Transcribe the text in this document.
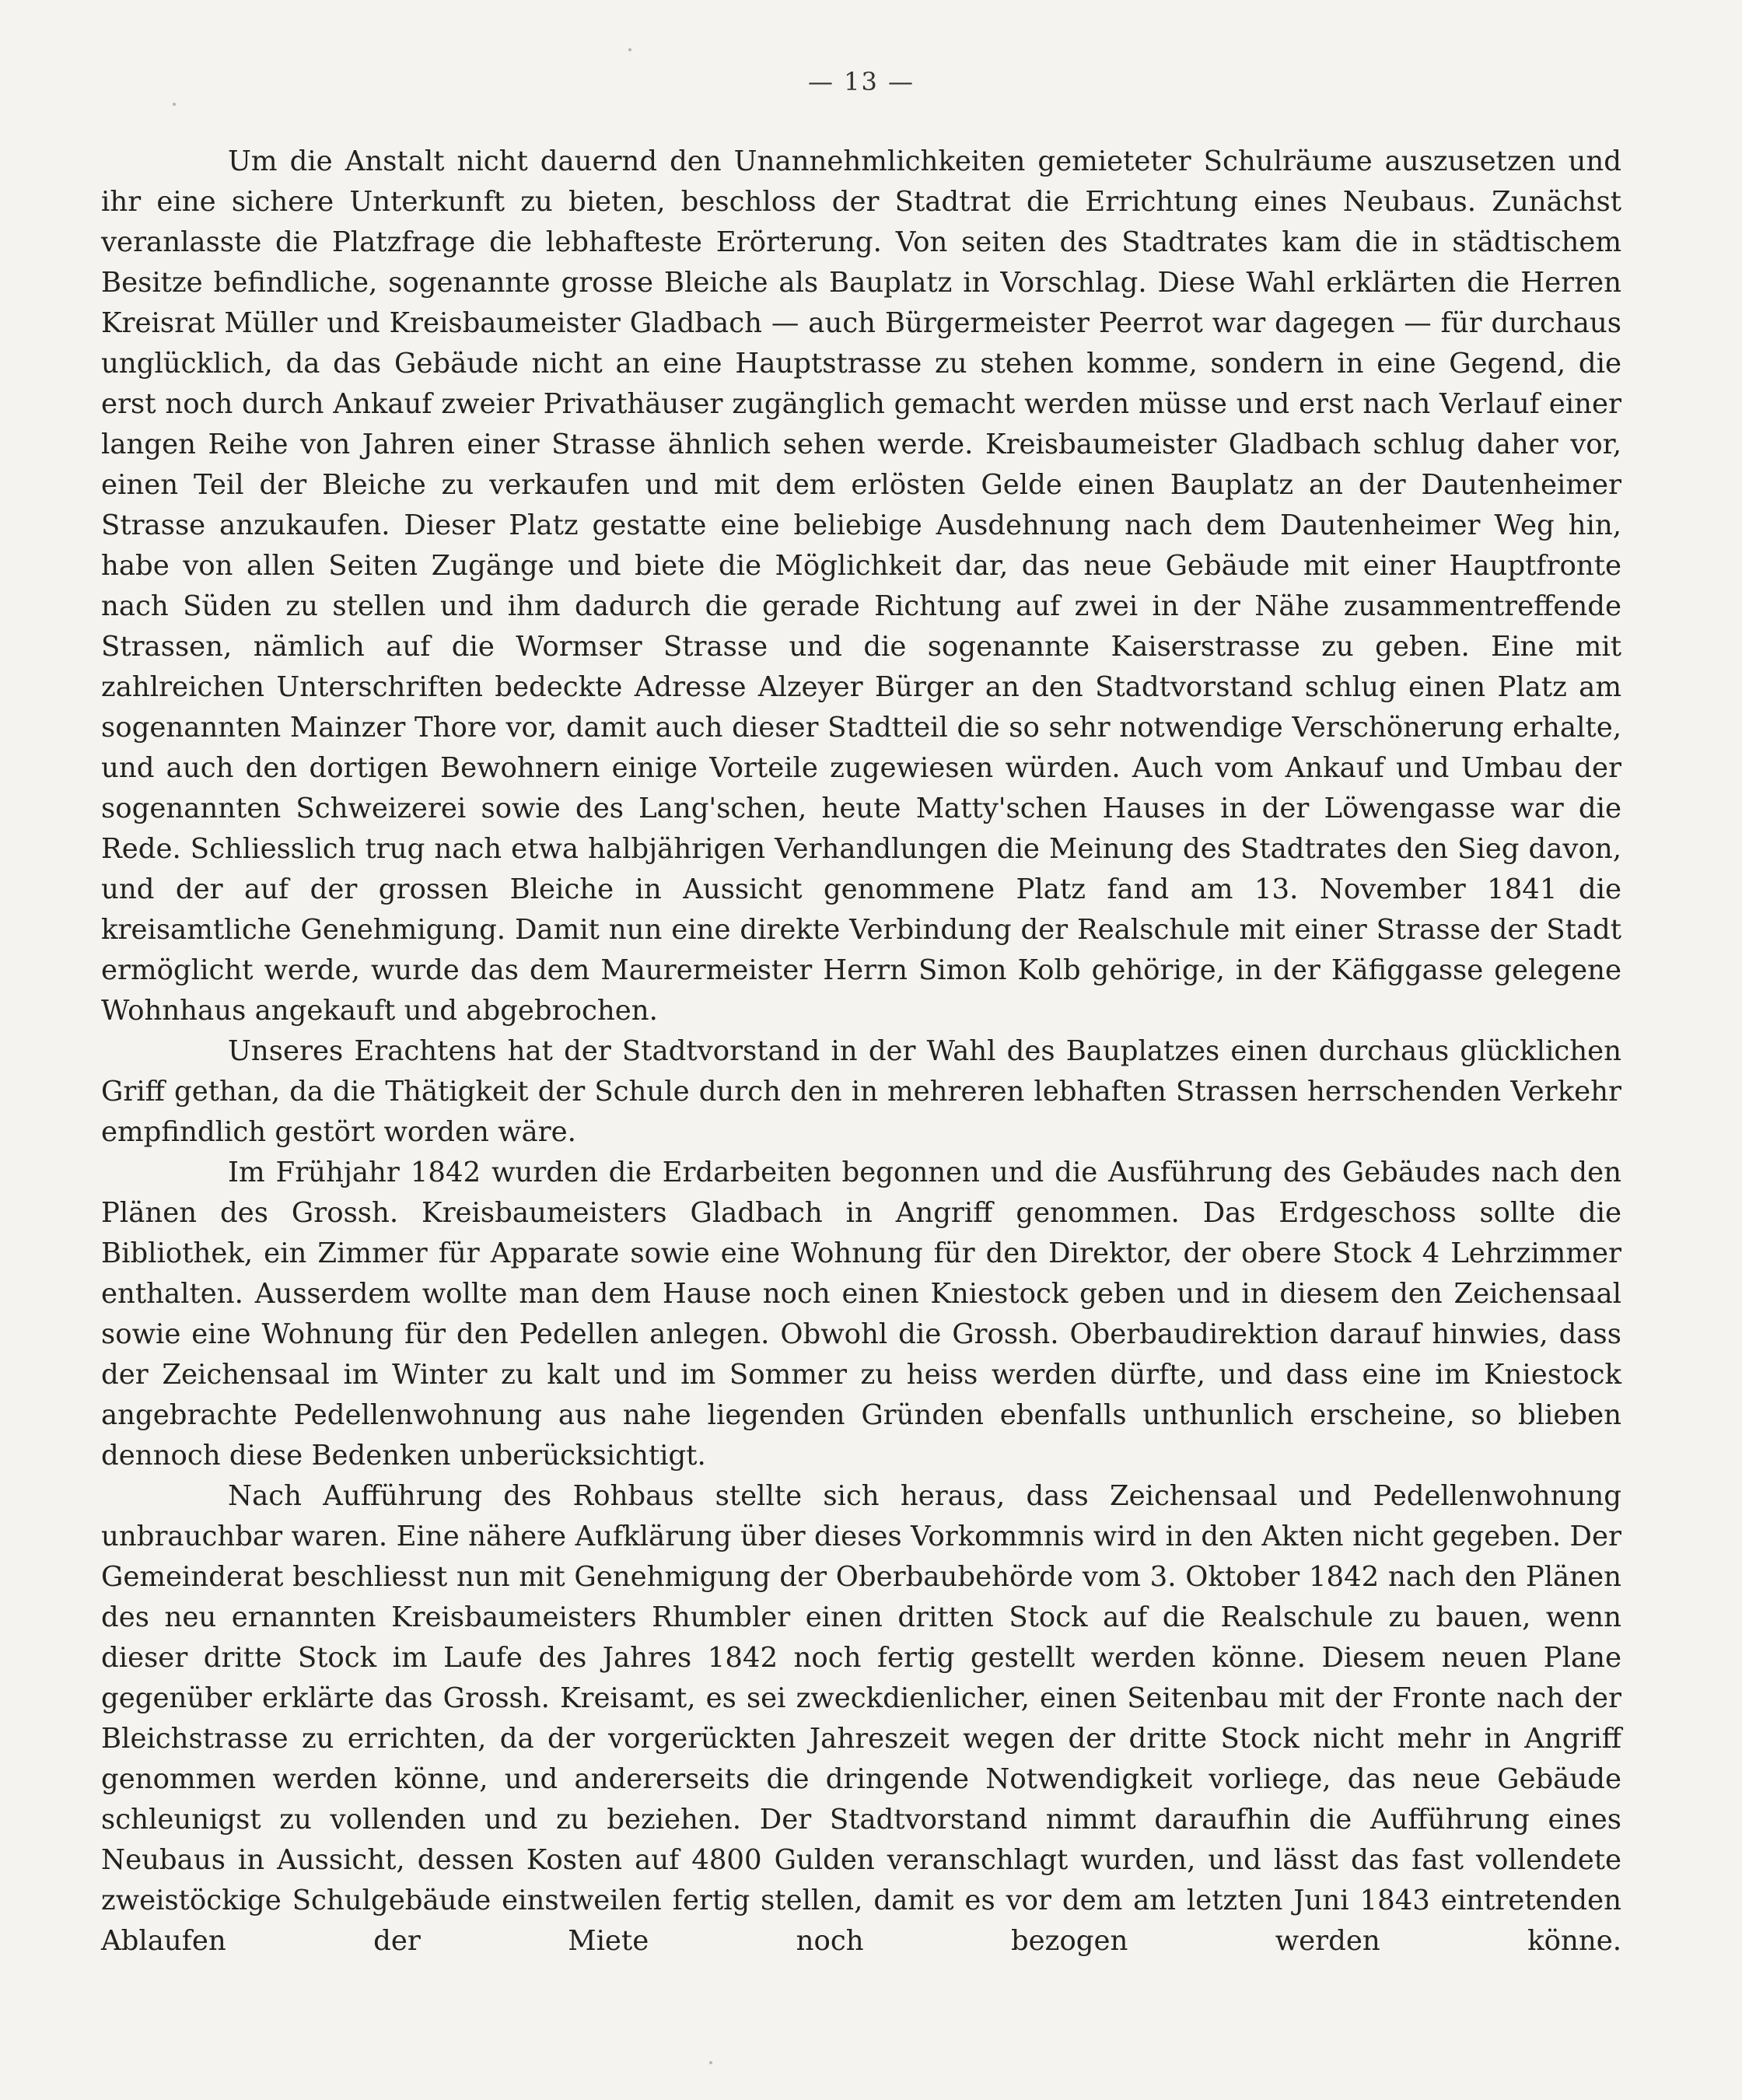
— 13 —

Um die Anstalt nicht dauernd den Unannehmlichkeiten gemieteter Schulräume auszusetzen und ihr eine sichere Unterkunft zu bieten, beschloss der Stadtrat die Errichtung eines Neubaus. Zunächst veranlasste die Platzfrage die lebhafteste Erörterung. Von seiten des Stadtrates kam die in städtischem Besitze befindliche, sogenannte grosse Bleiche als Bauplatz in Vorschlag. Diese Wahl erklärten die Herren Kreisrat Müller und Kreisbaumeister Gladbach — auch Bürgermeister Peerrot war dagegen — für durchaus unglücklich, da das Gebäude nicht an eine Hauptstrasse zu stehen komme, sondern in eine Gegend, die erst noch durch Ankauf zweier Privathäuser zugänglich gemacht werden müsse und erst nach Verlauf einer langen Reihe von Jahren einer Strasse ähnlich sehen werde. Kreisbaumeister Gladbach schlug daher vor, einen Teil der Bleiche zu verkaufen und mit dem erlösten Gelde einen Bauplatz an der Dautenheimer Strasse anzukaufen. Dieser Platz gestatte eine beliebige Ausdehnung nach dem Dautenheimer Weg hin, habe von allen Seiten Zugänge und biete die Möglichkeit dar, das neue Gebäude mit einer Hauptfronte nach Süden zu stellen und ihm dadurch die gerade Richtung auf zwei in der Nähe zusammentreffende Strassen, nämlich auf die Wormser Strasse und die sogenannte Kaiserstrasse zu geben. Eine mit zahlreichen Unterschriften bedeckte Adresse Alzeyer Bürger an den Stadtvorstand schlug einen Platz am sogenannten Mainzer Thore vor, damit auch dieser Stadtteil die so sehr notwendige Verschönerung erhalte, und auch den dortigen Bewohnern einige Vorteile zugewiesen würden. Auch vom Ankauf und Umbau der sogenannten Schweizerei sowie des Lang'schen, heute Matty'schen Hauses in der Löwengasse war die Rede. Schliesslich trug nach etwa halbjährigen Verhandlungen die Meinung des Stadtrates den Sieg davon, und der auf der grossen Bleiche in Aussicht genommene Platz fand am 13. November 1841 die kreisamtliche Genehmigung. Damit nun eine direkte Verbindung der Realschule mit einer Strasse der Stadt ermöglicht werde, wurde das dem Maurermeister Herrn Simon Kolb gehörige, in der Käfiggasse gelegene Wohnhaus angekauft und abgebrochen.

Unseres Erachtens hat der Stadtvorstand in der Wahl des Bauplatzes einen durchaus glücklichen Griff gethan, da die Thätigkeit der Schule durch den in mehreren lebhaften Strassen herrschenden Verkehr empfindlich gestört worden wäre.

Im Frühjahr 1842 wurden die Erdarbeiten begonnen und die Ausführung des Gebäudes nach den Plänen des Grossh. Kreisbaumeisters Gladbach in Angriff genommen. Das Erdgeschoss sollte die Bibliothek, ein Zimmer für Apparate sowie eine Wohnung für den Direktor, der obere Stock 4 Lehrzimmer enthalten. Ausserdem wollte man dem Hause noch einen Kniestock geben und in diesem den Zeichensaal sowie eine Wohnung für den Pedellen anlegen. Obwohl die Grossh. Oberbaudirektion darauf hinwies, dass der Zeichensaal im Winter zu kalt und im Sommer zu heiss werden dürfte, und dass eine im Kniestock angebrachte Pedellenwohnung aus nahe liegenden Gründen ebenfalls unthunlich erscheine, so blieben dennoch diese Bedenken unberücksichtigt.

Nach Aufführung des Rohbaus stellte sich heraus, dass Zeichensaal und Pedellenwohnung unbrauchbar waren. Eine nähere Aufklärung über dieses Vorkommnis wird in den Akten nicht gegeben. Der Gemeinderat beschliesst nun mit Genehmigung der Oberbaubehörde vom 3. Oktober 1842 nach den Plänen des neu ernannten Kreisbaumeisters Rhumbler einen dritten Stock auf die Realschule zu bauen, wenn dieser dritte Stock im Laufe des Jahres 1842 noch fertig gestellt werden könne. Diesem neuen Plane gegenüber erklärte das Grossh. Kreisamt, es sei zweckdienlicher, einen Seitenbau mit der Fronte nach der Bleichstrasse zu errichten, da der vorgerückten Jahreszeit wegen der dritte Stock nicht mehr in Angriff genommen werden könne, und andererseits die dringende Notwendigkeit vorliege, das neue Gebäude schleunigst zu vollenden und zu beziehen. Der Stadtvorstand nimmt daraufhin die Aufführung eines Neubaus in Aussicht, dessen Kosten auf 4800 Gulden veranschlagt wurden, und lässt das fast vollendete zweistöckige Schulgebäude einstweilen fertig stellen, damit es vor dem am letzten Juni 1843 eintretenden Ablaufen der Miete noch bezogen werden könne.
